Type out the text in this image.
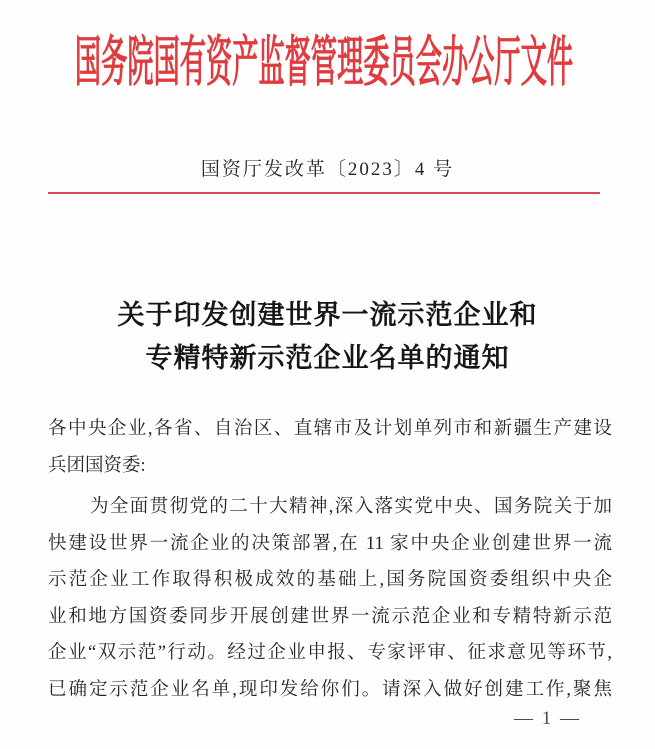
国务院国有资产监督管理委员会办公厅文件
国资厅发改革〔2023〕4 号
关于印发创建世界一流示范企业和
专精特新示范企业名单的通知
各中央企业,各省、自治区、直辖市及计划单列市和新疆生产建设
兵团国资委:
为全面贯彻党的二十大精神,深入落实党中央、国务院关于加
快建设世界一流企业的决策部署,在 11 家中央企业创建世界一流
示范企业工作取得积极成效的基础上,国务院国资委组织中央企
业和地方国资委同步开展创建世界一流示范企业和专精特新示范
企业“双示范”行动。经过企业申报、专家评审、征求意见等环节,
已确定示范企业名单,现印发给你们。请深入做好创建工作,聚焦
— 1 —
